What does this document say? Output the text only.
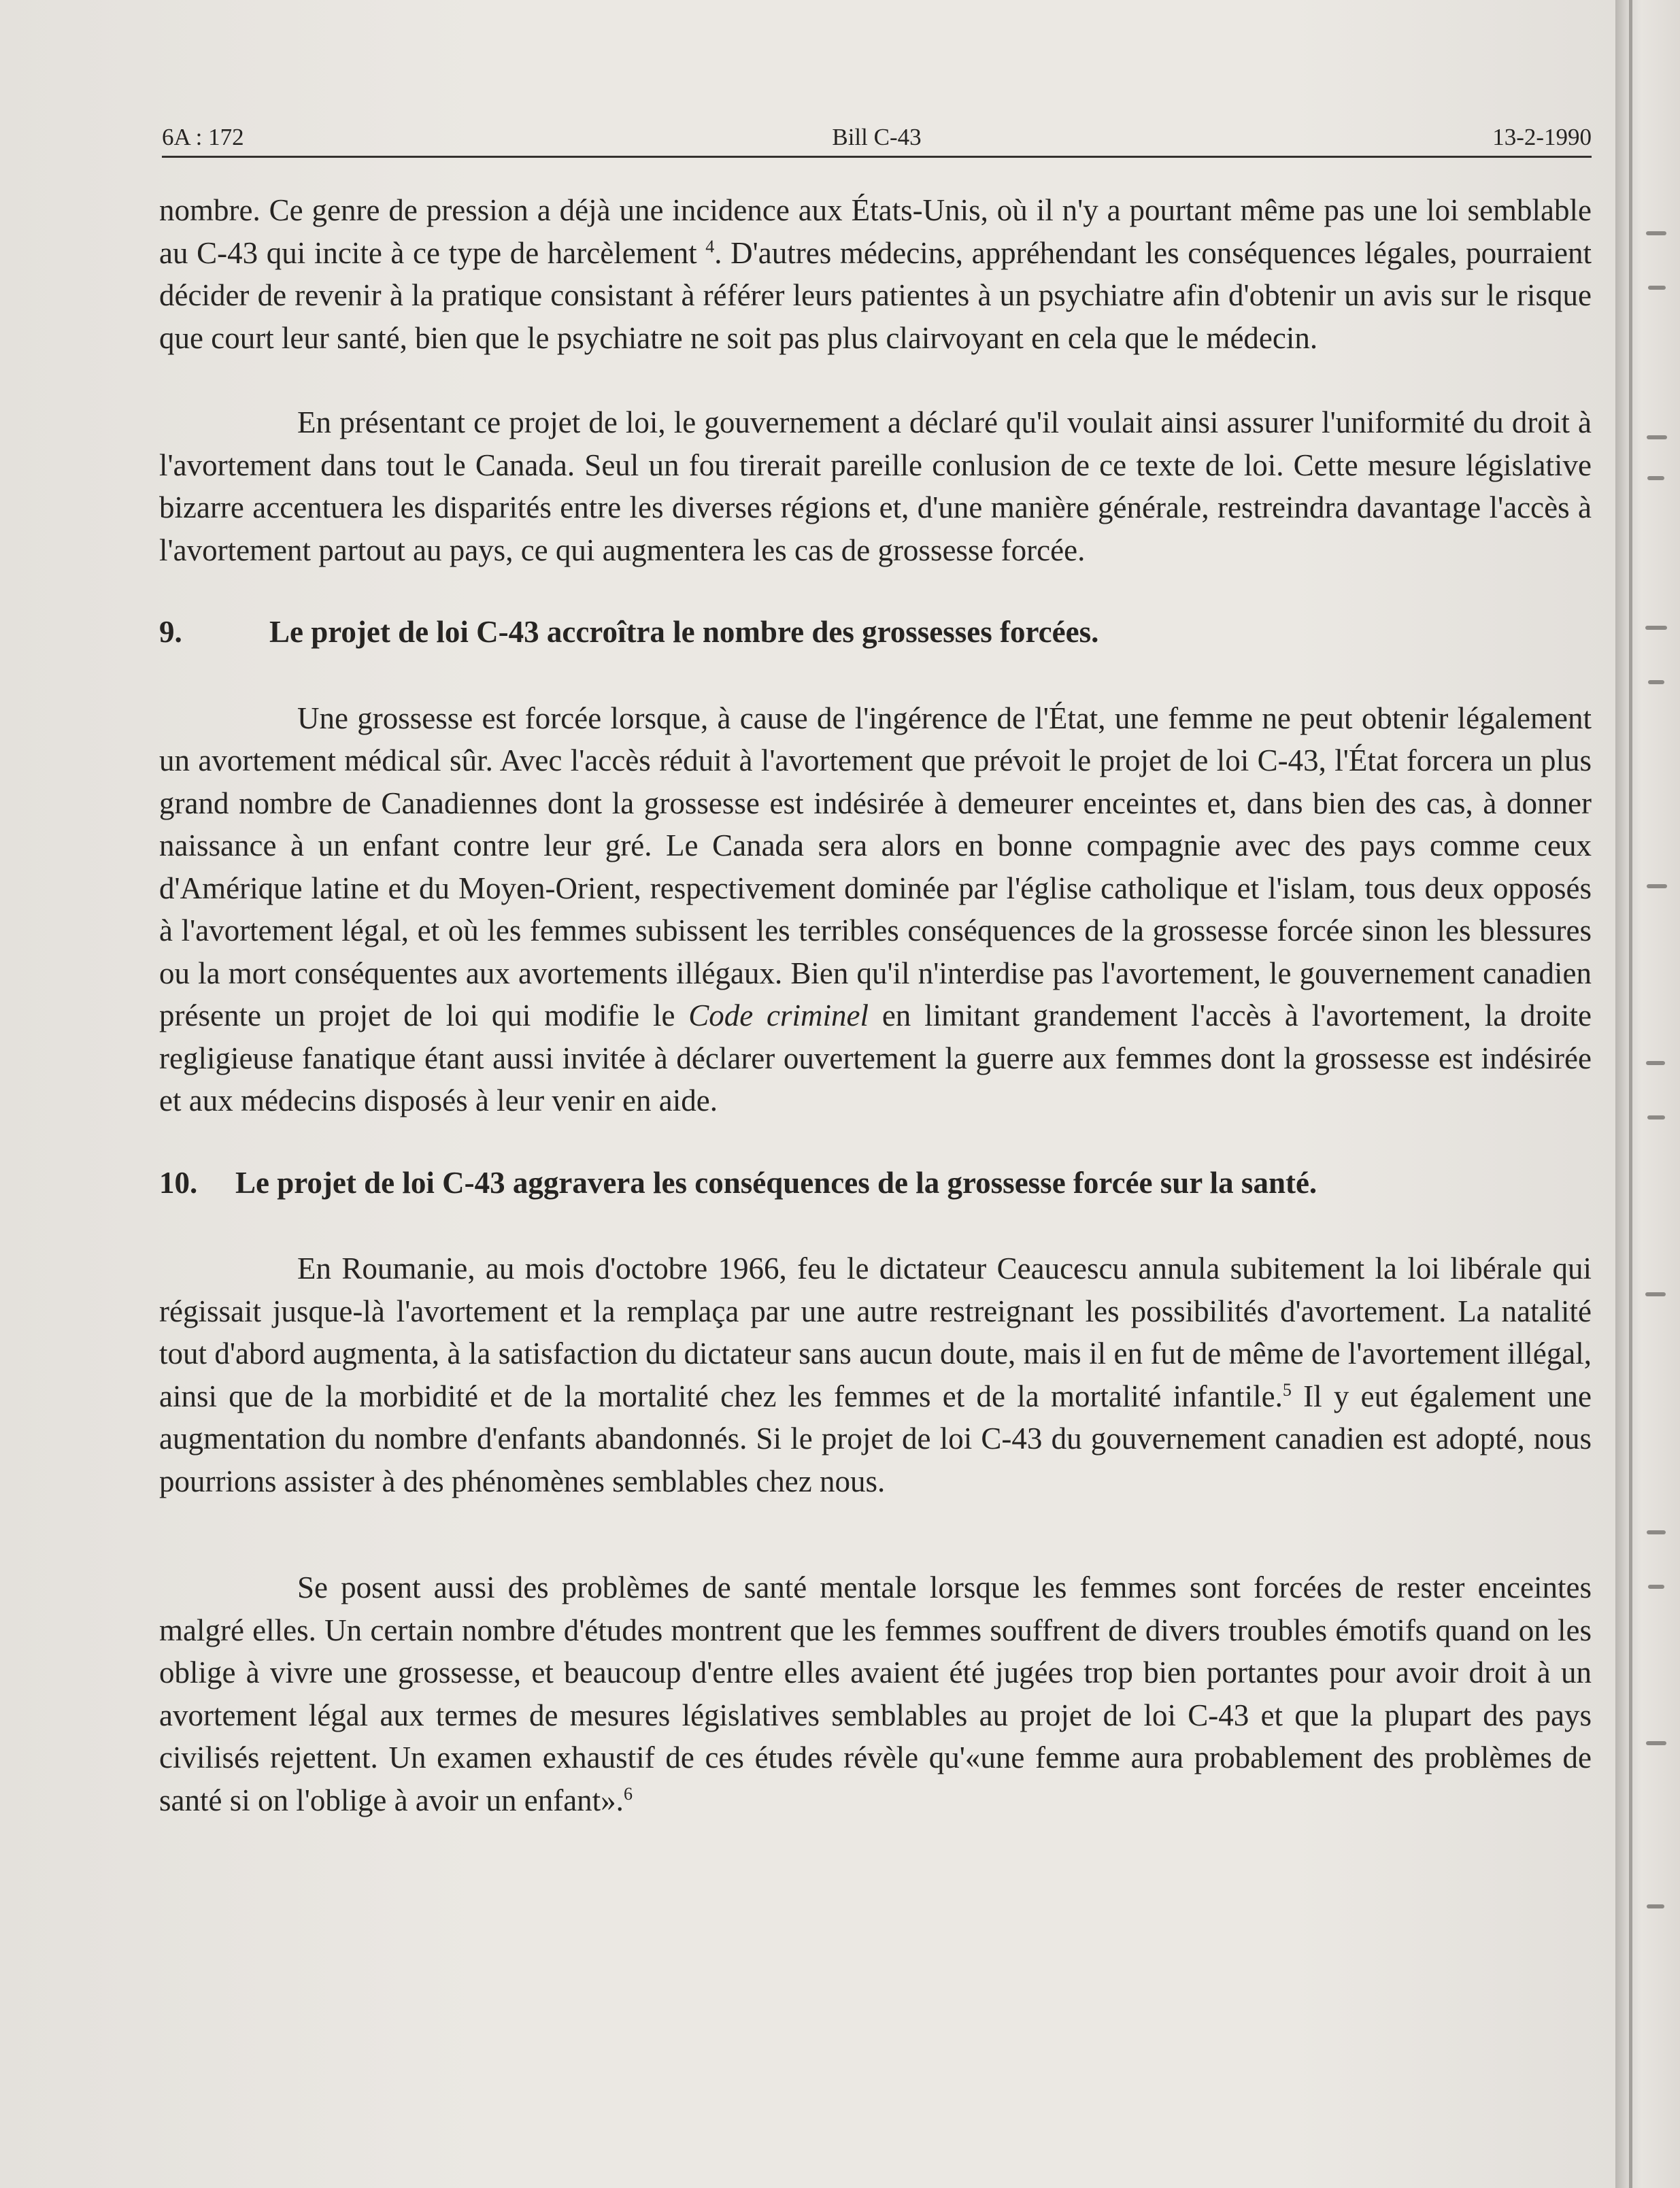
6A : 172	Bill C-43	13-2-1990

nombre. Ce genre de pression a déjà une incidence aux États-Unis, où il n'y a pourtant même pas une loi semblable au C-43 qui incite à ce type de harcèlement $^4$. D'autres médecins, appréhendant les conséquences légales, pourraient décider de revenir à la pratique consistant à référer leurs patientes à un psychiatre afin d'obtenir un avis sur le risque que court leur santé, bien que le psychiatre ne soit pas plus clairvoyant en cela que le médecin.

En présentant ce projet de loi, le gouvernement a déclaré qu'il voulait ainsi assurer l'uniformité du droit à l'avortement dans tout le Canada. Seul un fou tirerait pareille conlusion de ce texte de loi. Cette mesure législative bizarre accentuera les disparités entre les diverses régions et, d'une manière générale, restreindra davantage l'accès à l'avortement partout au pays, ce qui augmentera les cas de grossesse forcée.

9.	Le projet de loi C-43 accroîtra le nombre des grossesses forcées.

Une grossesse est forcée lorsque, à cause de l'ingérence de l'État, une femme ne peut obtenir légalement un avortement médical sûr. Avec l'accès réduit à l'avortement que prévoit le projet de loi C-43, l'État forcera un plus grand nombre de Canadiennes dont la grossesse est indésirée à demeurer enceintes et, dans bien des cas, à donner naissance à un enfant contre leur gré. Le Canada sera alors en bonne compagnie avec des pays comme ceux d'Amérique latine et du Moyen-Orient, respectivement dominée par l'église catholique et l'islam, tous deux opposés à l'avortement légal, et où les femmes subissent les terribles conséquences de la grossesse forcée sinon les blessures ou la mort conséquentes aux avortements illégaux. Bien qu'il n'interdise pas l'avortement, le gouvernement canadien présente un projet de loi qui modifie le Code criminel en limitant grandement l'accès à l'avortement, la droite regligieuse fanatique étant aussi invitée à déclarer ouvertement la guerre aux femmes dont la grossesse est indésirée et aux médecins disposés à leur venir en aide.

10. Le projet de loi C-43 aggravera les conséquences de la grossesse forcée sur la santé.

En Roumanie, au mois d'octobre 1966, feu le dictateur Ceaucescu annula subitement la loi libérale qui régissait jusque-là l'avortement et la remplaça par une autre restreignant les possibilités d'avortement. La natalité tout d'abord augmenta, à la satisfaction du dictateur sans aucun doute, mais il en fut de même de l'avortement illégal, ainsi que de la morbidité et de la mortalité chez les femmes et de la mortalité infantile.$^5$ Il y eut également une augmentation du nombre d'enfants abandonnés. Si le projet de loi C-43 du gouvernement canadien est adopté, nous pourrions assister à des phénomènes semblables chez nous.

Se posent aussi des problèmes de santé mentale lorsque les femmes sont forcées de rester enceintes malgré elles. Un certain nombre d'études montrent que les femmes souffrent de divers troubles émotifs quand on les oblige à vivre une grossesse, et beaucoup d'entre elles avaient été jugées trop bien portantes pour avoir droit à un avortement légal aux termes de mesures législatives semblables au projet de loi C-43 et que la plupart des pays civilisés rejettent. Un examen exhaustif de ces études révèle qu'«une femme aura probablement des problèmes de santé si on l'oblige à avoir un enfant».$^6$
